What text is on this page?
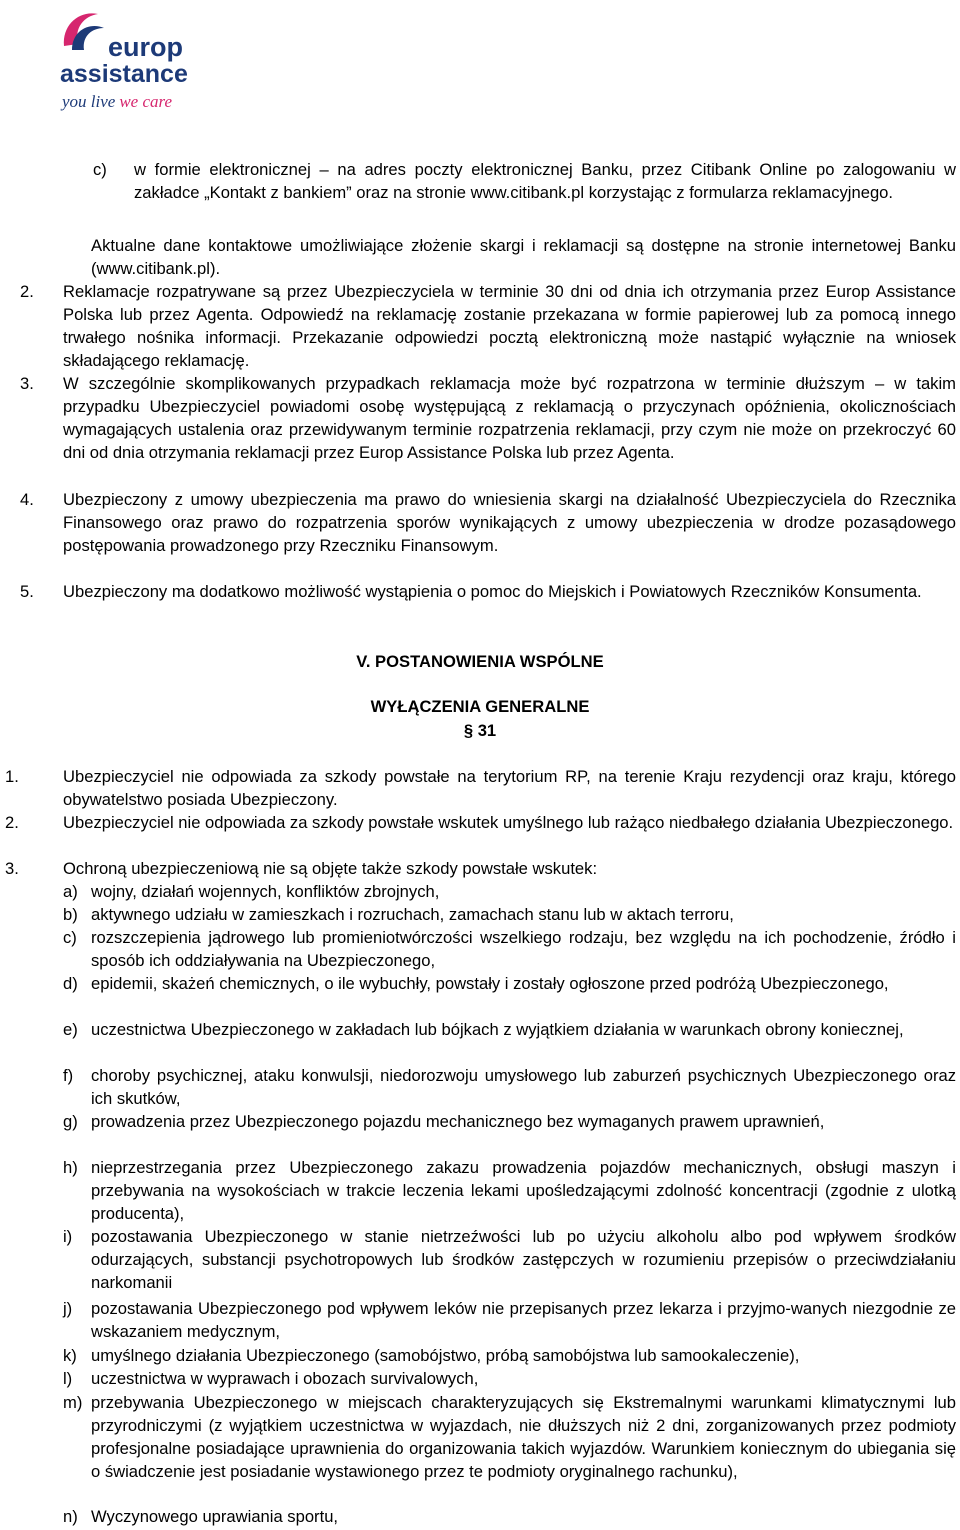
europ
assistance
you live we care
c) w formie elektronicznej – na adres poczty elektronicznej Banku, przez Citibank Online po zalogowaniu w zakładce „Kontakt z bankiem” oraz na stronie www.citibank.pl korzystając z formularza reklamacyjnego.
Aktualne dane kontaktowe umożliwiające złożenie skargi i reklamacji są dostępne na stronie internetowej Banku (www.citibank.pl).
2. Reklamacje rozpatrywane są przez Ubezpieczyciela w terminie 30 dni od dnia ich otrzymania przez Europ Assistance Polska lub przez Agenta. Odpowiedź na reklamację zostanie przekazana w formie papierowej lub za pomocą innego trwałego nośnika informacji. Przekazanie odpowiedzi pocztą elektroniczną może nastąpić wyłącznie na wniosek składającego reklamację.
3. W szczególnie skomplikowanych przypadkach reklamacja może być rozpatrzona w terminie dłuższym – w takim przypadku Ubezpieczyciel powiadomi osobę występującą z reklamacją o przyczynach opóźnienia, okolicznościach wymagających ustalenia oraz przewidywanym terminie rozpatrzenia reklamacji, przy czym nie może on przekroczyć 60 dni od dnia otrzymania reklamacji przez Europ Assistance Polska lub przez Agenta.
4. Ubezpieczony z umowy ubezpieczenia ma prawo do wniesienia skargi na działalność Ubezpieczyciela do Rzecznika Finansowego oraz prawo do rozpatrzenia sporów wynikających z umowy ubezpieczenia w drodze pozasądowego postępowania prowadzonego przy Rzeczniku Finansowym.
5. Ubezpieczony ma dodatkowo możliwość wystąpienia o pomoc do Miejskich i Powiatowych Rzeczników Konsumenta.
V. POSTANOWIENIA WSPÓLNE
WYŁĄCZENIA GENERALNE
§ 31
1.	Ubezpieczyciel nie odpowiada za szkody powstałe na terytorium RP, na terenie Kraju rezydencji oraz kraju, którego obywatelstwo posiada Ubezpieczony.
2.	Ubezpieczyciel nie odpowiada za szkody powstałe wskutek umyślnego lub rażąco niedbałego działania Ubezpieczonego.
3.	Ochroną ubezpieczeniową nie są objęte także szkody powstałe wskutek:
a) wojny, działań wojennych, konfliktów zbrojnych,
b) aktywnego udziału w zamieszkach i rozruchach, zamachach stanu lub w aktach terroru,
c) rozszczepienia jądrowego lub promieniotwórczości wszelkiego rodzaju, bez względu na ich pochodzenie, źródło i sposób ich oddziaływania na Ubezpieczonego,
d) epidemii, skażeń chemicznych, o ile wybuchły, powstały i zostały ogłoszone przed podróżą Ubezpieczonego,
e) uczestnictwa Ubezpieczonego w zakładach lub bójkach z wyjątkiem działania w warunkach obrony koniecznej,
f) choroby psychicznej, ataku konwulsji, niedorozwoju umysłowego lub zaburzeń psychicznych Ubezpieczonego oraz ich skutków,
g) prowadzenia przez Ubezpieczonego pojazdu mechanicznego bez wymaganych prawem uprawnień,
h) nieprzestrzegania przez Ubezpieczonego zakazu prowadzenia pojazdów mechanicznych, obsługi maszyn i przebywania na wysokościach w trakcie leczenia lekami upośledzającymi zdolność koncentracji (zgodnie z ulotką producenta),
i) pozostawania Ubezpieczonego w stanie nietrzeźwości lub po użyciu alkoholu albo pod wpływem środków odurzających, substancji psychotropowych lub środków zastępczych w rozumieniu przepisów o przeciwdziałaniu narkomanii
j) pozostawania Ubezpieczonego pod wpływem leków nie przepisanych przez lekarza i przyjmo-wanych niezgodnie ze wskazaniem medycznym,
k) umyślnego działania Ubezpieczonego (samobójstwo, próbą samobójstwa lub samookaleczenie),
l) uczestnictwa w wyprawach i obozach survivalowych,
m) przebywania Ubezpieczonego w miejscach charakteryzujących się Ekstremalnymi warunkami klimatycznymi lub przyrodniczymi (z wyjątkiem uczestnictwa w wyjazdach, nie dłuższych niż 2 dni, zorganizowanych przez podmioty profesjonalne posiadające uprawnienia do organizowania takich wyjazdów. Warunkiem koniecznym do ubiegania się o świadczenie jest posiadanie wystawionego przez te podmioty oryginalnego rachunku),
n) Wyczynowego uprawiania sportu,
